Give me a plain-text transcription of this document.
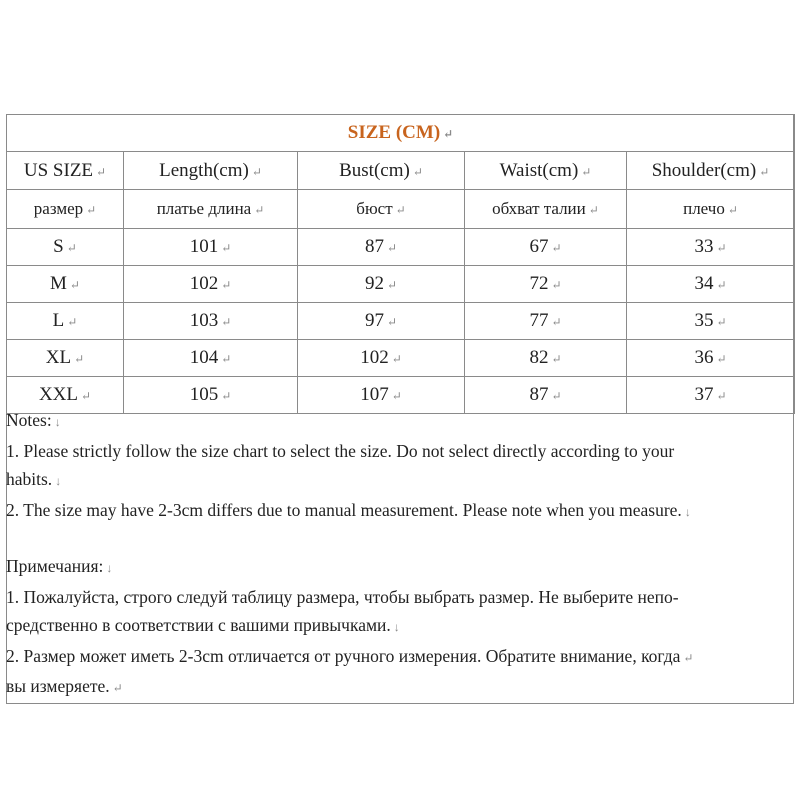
SIZE (CM) ↵				
US SIZE ↵	Length(cm) ↵	Bust(cm) ↵	Waist(cm) ↵	Shoulder(cm) ↵
размер ↵	платье длина ↵	бюст ↵	обхват талии ↵	плечо ↵
S ↵	101 ↵	87 ↵	67 ↵	33 ↵
M ↵	102 ↵	92 ↵	72 ↵	34 ↵
L ↵	103 ↵	97 ↵	77 ↵	35 ↵
XL ↵	104 ↵	102 ↵	82 ↵	36 ↵
XXL ↵	105 ↵	107 ↵	87 ↵	37 ↵

Notes: ↓

1. Please strictly follow the size chart to select the size. Do not select directly according to your

habits. ↓

2. The size may have 2-3cm differs due to manual measurement. Please note when you measure. ↓

Примечания: ↓

1. Пожалуйста, строго следуй таблицу размера, чтобы выбрать размер. Не выберите непо-

средственно в соответствии с вашими привычками. ↓

2. Размер может иметь 2-3cm отличается от ручного измерения. Обратите внимание, когда ↵

вы измеряете. ↵
